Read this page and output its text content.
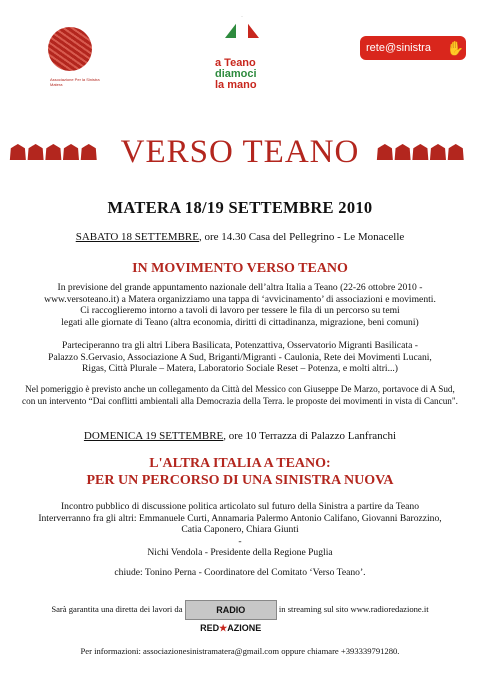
Associazione Per la Sinistra Matera
a Teano
diamoci
la mano
rete@sinistra ✋
☗☗☗☗☗ VERSO TEANO ☗☗☗☗☗
MATERA 18/19 SETTEMBRE 2010
SABATO 18 SETTEMBRE, ore 14.30 Casa del Pellegrino - Le Monacelle
IN MOVIMENTO VERSO TEANO
In previsione del grande appuntamento nazionale dell’altra Italia a Teano (22-26 ottobre 2010 -
www.versoteano.it) a Matera organizziamo una tappa di ‘avvicinamento’ di associazioni e movimenti.
Ci raccoglieremo intorno a tavoli di lavoro per tessere le fila di un percorso su temi
legati alle giornate di Teano (altra economia, diritti di cittadinanza, migrazione, beni comuni)
Parteciperanno tra gli altri Libera Basilicata, Potenzattiva, Osservatorio Migranti Basilicata -
Palazzo S.Gervasio, Associazione A Sud, Briganti/Migranti - Caulonia, Rete dei Movimenti Lucani,
Rigas, Città Plurale – Matera, Laboratorio Sociale Reset – Potenza, e molti altri...)
Nel pomeriggio è previsto anche un collegamento da Città del Messico con Giuseppe De Marzo, portavoce di A Sud,
con un intervento “Dai conflitti ambientali alla Democrazia della Terra. le proposte dei movimenti in vista di Cancun".
DOMENICA 19 SETTEMBRE, ore 10 Terrazza di Palazzo Lanfranchi
L'ALTRA ITALIA A TEANO:
PER UN PERCORSO DI UNA SINISTRA NUOVA
Incontro pubblico di discussione politica articolato sul futuro della Sinistra a partire da Teano
Interverranno fra gli altri: Emmanuele Curti, Annamaria Palermo Antonio Califano, Giovanni Barozzino,
Catia Caponero, Chiara Giunti
-
Nichi Vendola - Presidente della Regione Puglia
chiude: Tonino Perna - Coordinatore del Comitato ‘Verso Teano’.
Sarà garantita una diretta dei lavori da	RADIO RED★AZIONE in streaming sul sito www.radioredazione.it
Per informazioni: associazionesinistramatera@gmail.com oppure chiamare +393339791280.
